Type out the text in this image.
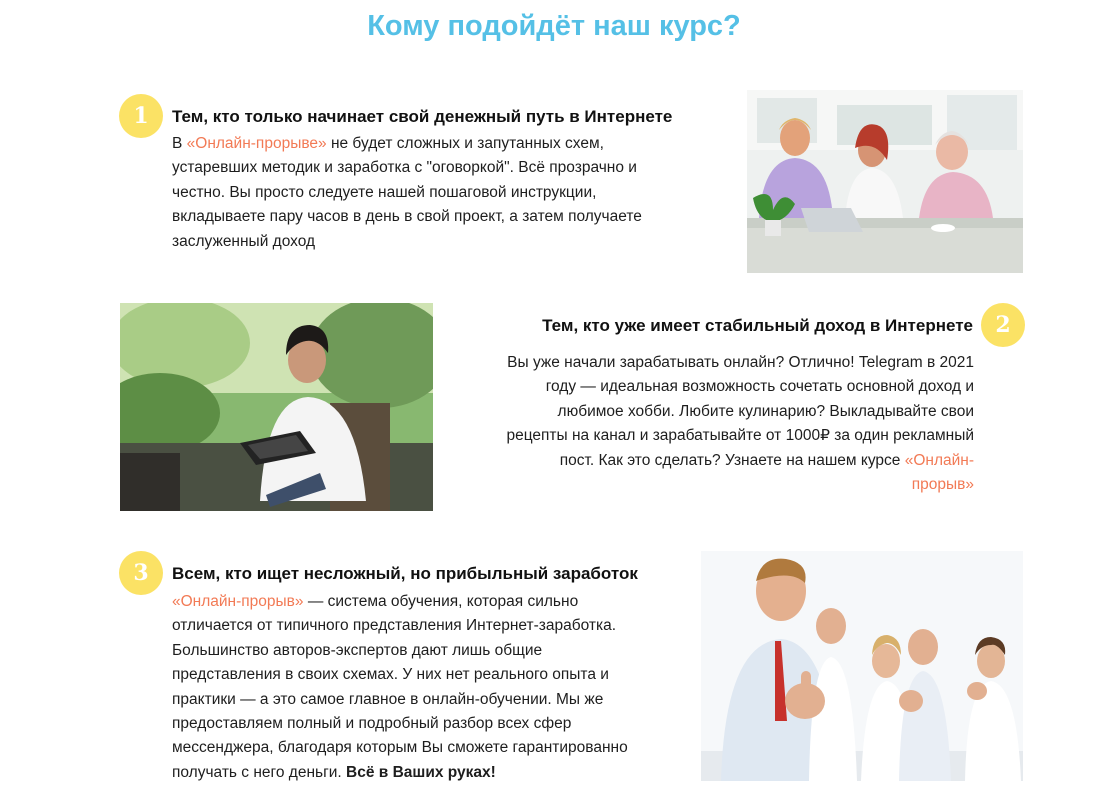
Кому подойдёт наш курс?
1	Тем, кто только начинает свой денежный путь в Интернете

В «Онлайн-прорыве» не будет сложных и запутанных схем, устаревших методик и заработка с "оговоркой". Всё прозрачно и честно. Вы просто следуете нашей пошаговой инструкции, вкладываете пару часов в день в свой проект, а затем получаете заслуженный доход

Тем, кто уже имеет стабильный доход в Интернете	2

Вы уже начали зарабатывать онлайн? Отлично! Telegram в 2021 году — идеальная возможность сочетать основной доход и любимое хобби. Любите кулинарию? Выкладывайте свои рецепты на канал и зарабатывайте от 1000₽ за один рекламный пост. Как это сделать? Узнаете на нашем курсе «Онлайн-прорыв»

3	Всем, кто ищет несложный, но прибыльный заработок

«Онлайн-прорыв» — система обучения, которая сильно отличается от типичного представления Интернет-заработка. Большинство авторов-экспертов дают лишь общие представления в своих схемах. У них нет реального опыта и практики — а это самое главное в онлайн-обучении. Мы же предоставляем полный и подробный разбор всех сфер мессенджера, благодаря которым Вы сможете гарантированно получать с него деньги. Всё в Ваших руках!
